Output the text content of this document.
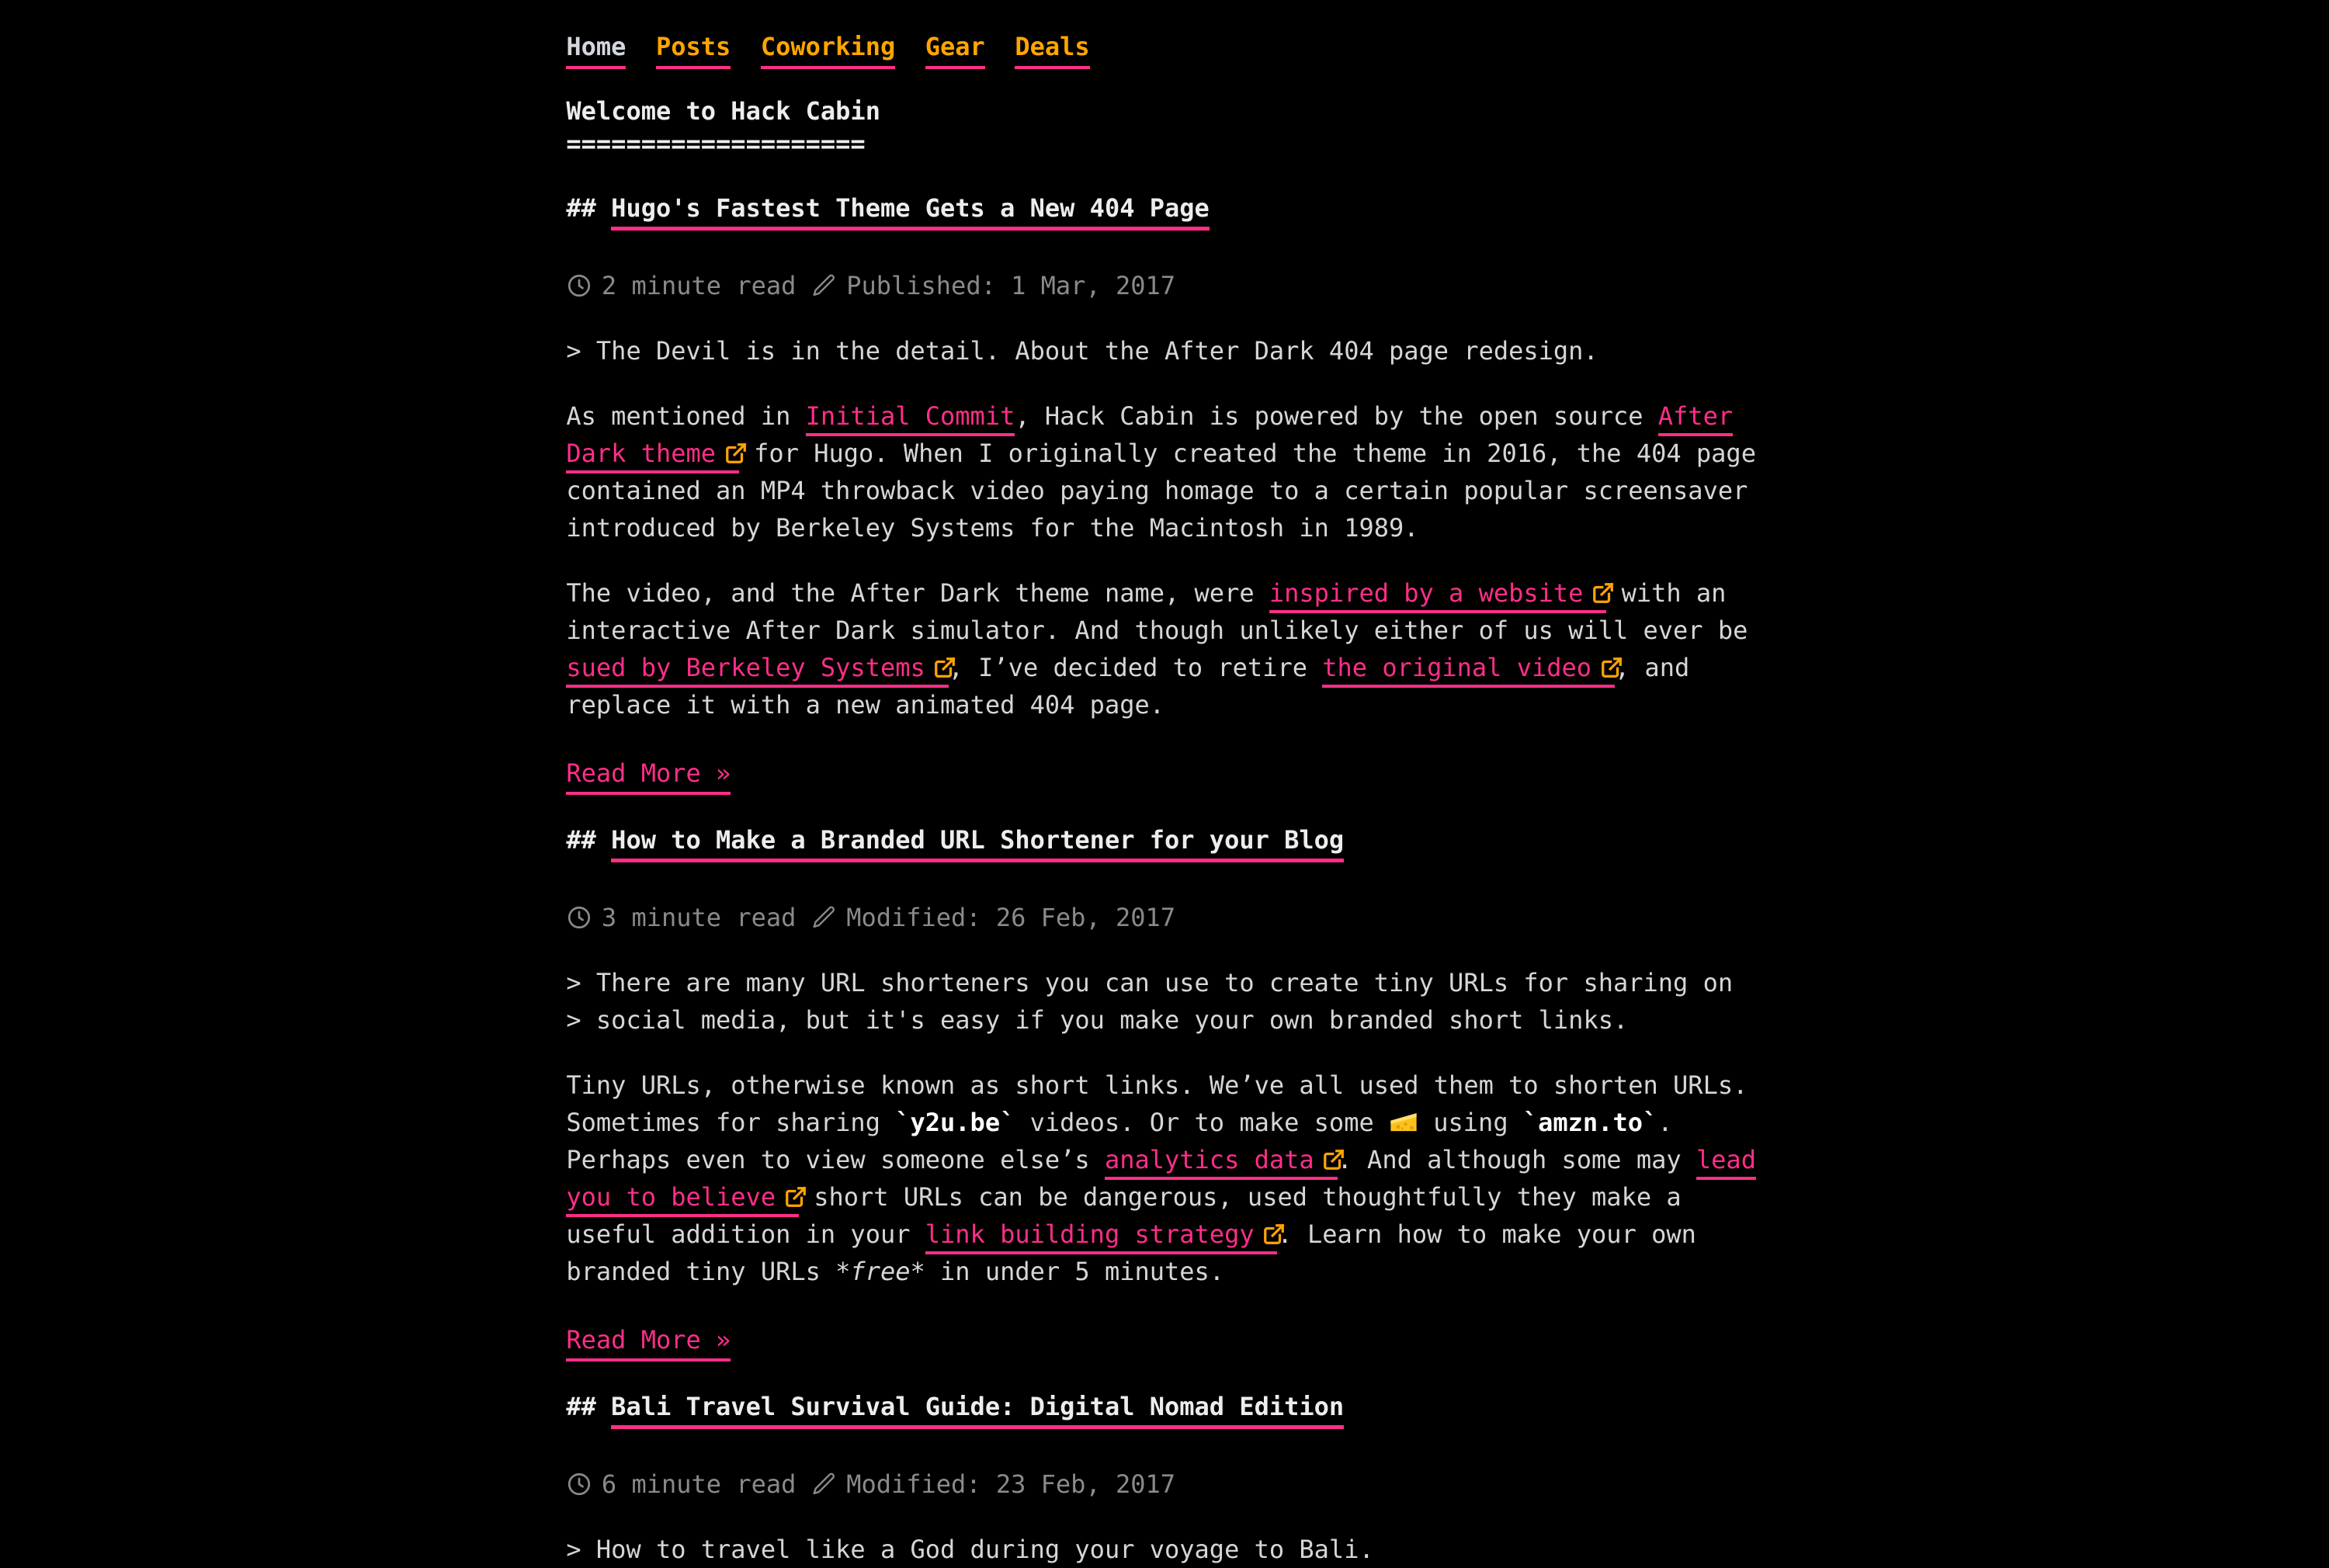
Home Posts Coworking Gear Deals
Welcome to Hack Cabin
====================
## Hugo's Fastest Theme Gets a New 404 Page
2 minute read Published: 1 Mar, 2017
> The Devil is in the detail. About the After Dark 404 page redesign.

As mentioned in Initial Commit, Hack Cabin is powered by the open source After Dark theme for Hugo. When I originally created the theme in 2016, the 404 page contained an MP4 throwback video paying homage to a certain popular screensaver introduced by Berkeley Systems for the Macintosh in 1989.

The video, and the After Dark theme name, were inspired by a website with an interactive After Dark simulator. And though unlikely either of us will ever be sued by Berkeley Systems , I’ve decided to retire the original video , and replace it with a new animated 404 page.

Read More »
## How to Make a Branded URL Shortener for your Blog
3 minute read Modified: 26 Feb, 2017
> There are many URL shorteners you can use to create tiny URLs for sharing on
> social media, but it's easy if you make your own branded short links.

Tiny URLs, otherwise known as short links. We’ve all used them to shorten URLs. Sometimes for sharing `y2u.be` videos. Or to make some  using `amzn.to`. Perhaps even to view someone else’s analytics data . And although some may lead you to believe short URLs can be dangerous, used thoughtfully they make a useful addition in your link building strategy . Learn how to make your own branded tiny URLs *free* in under 5 minutes.

Read More »
## Bali Travel Survival Guide: Digital Nomad Edition
6 minute read Modified: 23 Feb, 2017
> How to travel like a God during your voyage to Bali.
